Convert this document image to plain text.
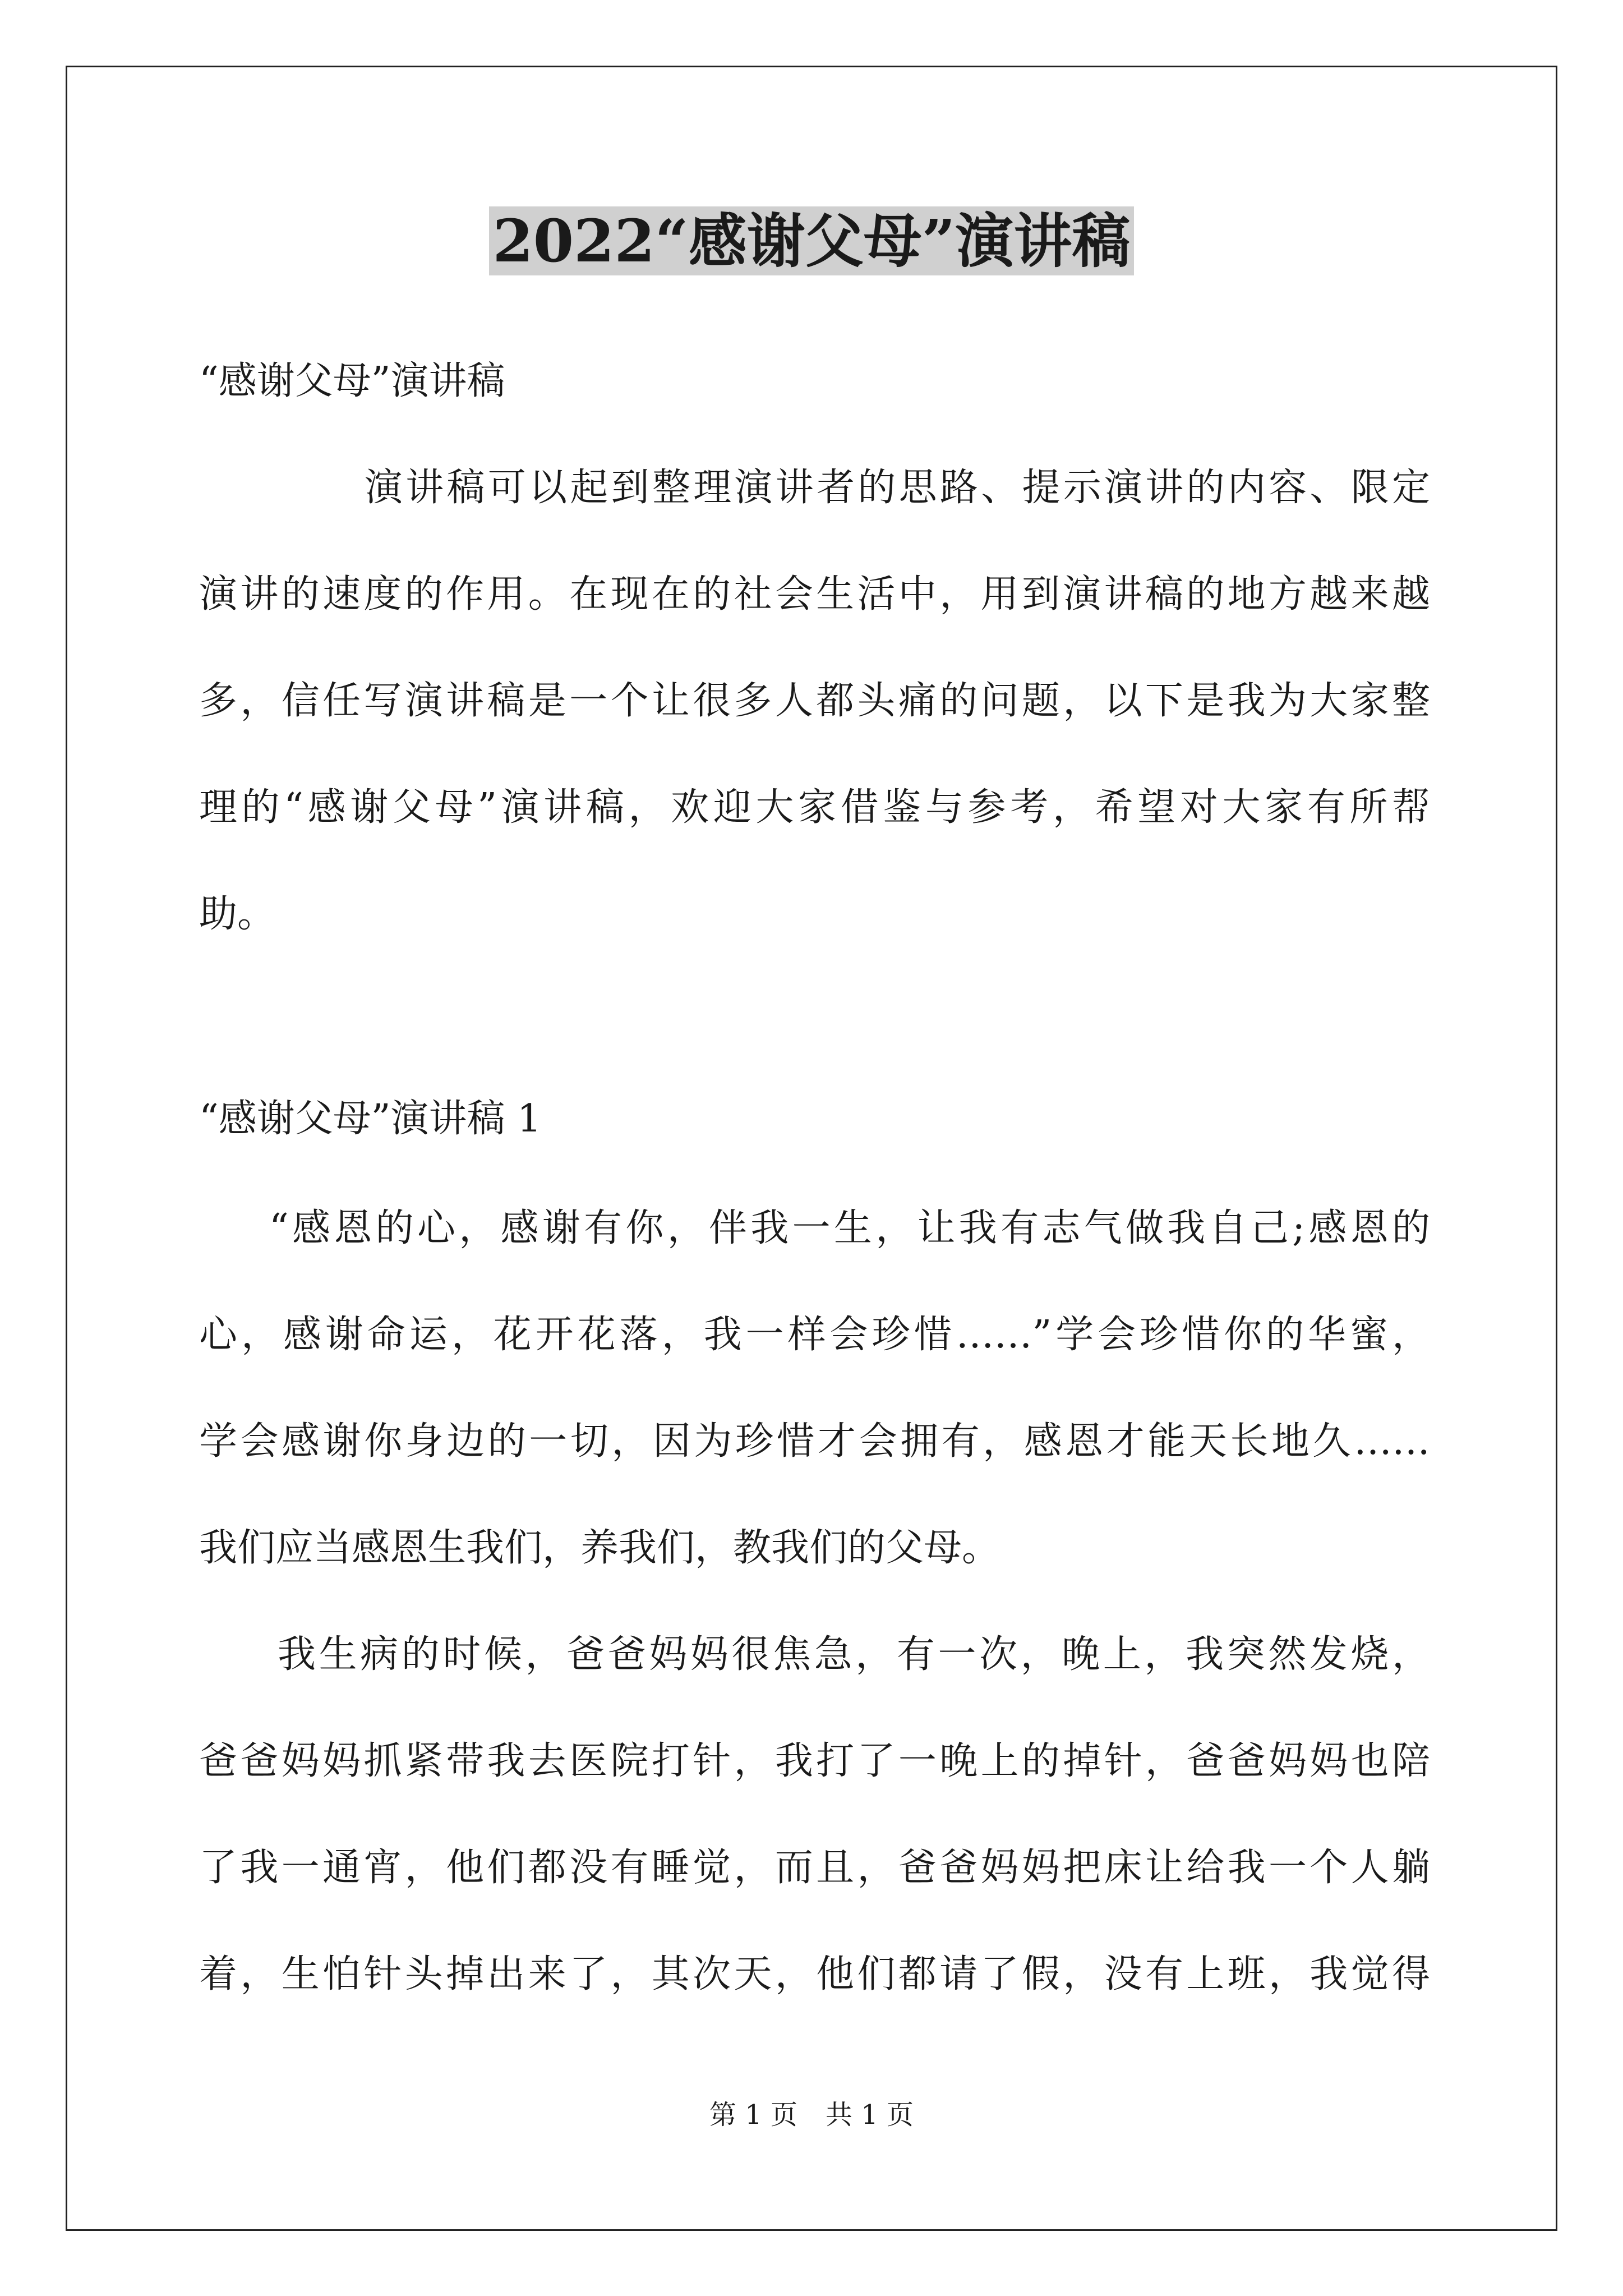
2022“感谢父母”演讲稿
“感谢父母”演讲稿
演讲稿可以起到整理演讲者的思路、提示演讲的内容、限定
演讲的速度的作用。在现在的社会生活中，用到演讲稿的地方越来越
多，信任写演讲稿是一个让很多人都头痛的问题，以下是我为大家整
理的“感谢父母”演讲稿，欢迎大家借鉴与参考，希望对大家有所帮
助。
“感谢父母”演讲稿 1
“感恩的心，感谢有你，伴我一生，让我有志气做我自己;感恩的
心，感谢命运，花开花落，我一样会珍惜……”学会珍惜你的华蜜，
学会感谢你身边的一切，因为珍惜才会拥有，感恩才能天长地久……
我们应当感恩生我们，养我们，教我们的父母。
我生病的时候，爸爸妈妈很焦急，有一次，晚上，我突然发烧，
爸爸妈妈抓紧带我去医院打针，我打了一晚上的掉针，爸爸妈妈也陪
了我一通宵，他们都没有睡觉，而且，爸爸妈妈把床让给我一个人躺
着，生怕针头掉出来了，其次天，他们都请了假，没有上班，我觉得
第 1 页 共 1 页
